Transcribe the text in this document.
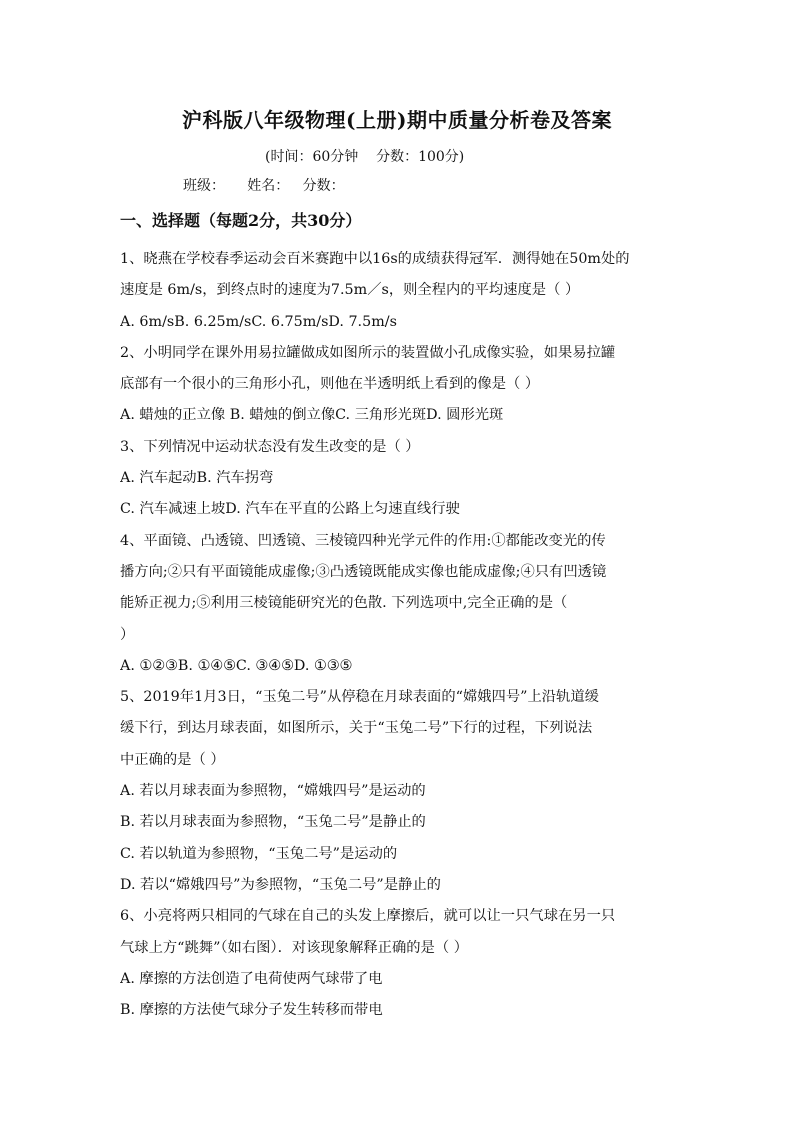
沪科版八年级物理(上册)期中质量分析卷及答案
(时间：60分钟    分数：100分)
班级：     姓名：   分数：
一、选择题（每题2分，共30分）
1、晓燕在学校春季运动会百米赛跑中以16s的成绩获得冠军．测得她在50m处的
速度是 6m/s，到终点时的速度为7.5m／s，则全程内的平均速度是（ ）
A. 6m/sB. 6.25m/sC. 6.75m/sD. 7.5m/s
2、小明同学在课外用易拉罐做成如图所示的装置做小孔成像实验，如果易拉罐
底部有一个很小的三角形小孔，则他在半透明纸上看到的像是（ ）
A. 蜡烛的正立像 B. 蜡烛的倒立像C. 三角形光斑D. 圆形光斑
3、下列情况中运动状态没有发生改变的是（ ）
A. 汽车起动B. 汽车拐弯
C. 汽车减速上坡D. 汽车在平直的公路上匀速直线行驶
4、平面镜、凸透镜、凹透镜、三棱镜四种光学元件的作用:①都能改变光的传
播方向;②只有平面镜能成虚像;③凸透镜既能成实像也能成虚像;④只有凹透镜
能矫正视力;⑤利用三棱镜能研究光的色散. 下列选项中,完全正确的是（
）
A. ①②③B. ①④⑤C. ③④⑤D. ①③⑤
5、2019年1月3日，“玉兔二号”从停稳在月球表面的“嫦娥四号”上沿轨道缓
缓下行，到达月球表面，如图所示，关于“玉兔二号”下行的过程，下列说法
中正确的是（ ）
A. 若以月球表面为参照物，“嫦娥四号”是运动的
B. 若以月球表面为参照物，“玉兔二号”是静止的
C. 若以轨道为参照物，“玉兔二号”是运动的
D. 若以“嫦娥四号”为参照物，“玉兔二号”是静止的
6、小亮将两只相同的气球在自己的头发上摩擦后，就可以让一只气球在另一只
气球上方“跳舞”（如右图）．对该现象解释正确的是（ ）
A. 摩擦的方法创造了电荷使两气球带了电
B. 摩擦的方法使气球分子发生转移而带电
